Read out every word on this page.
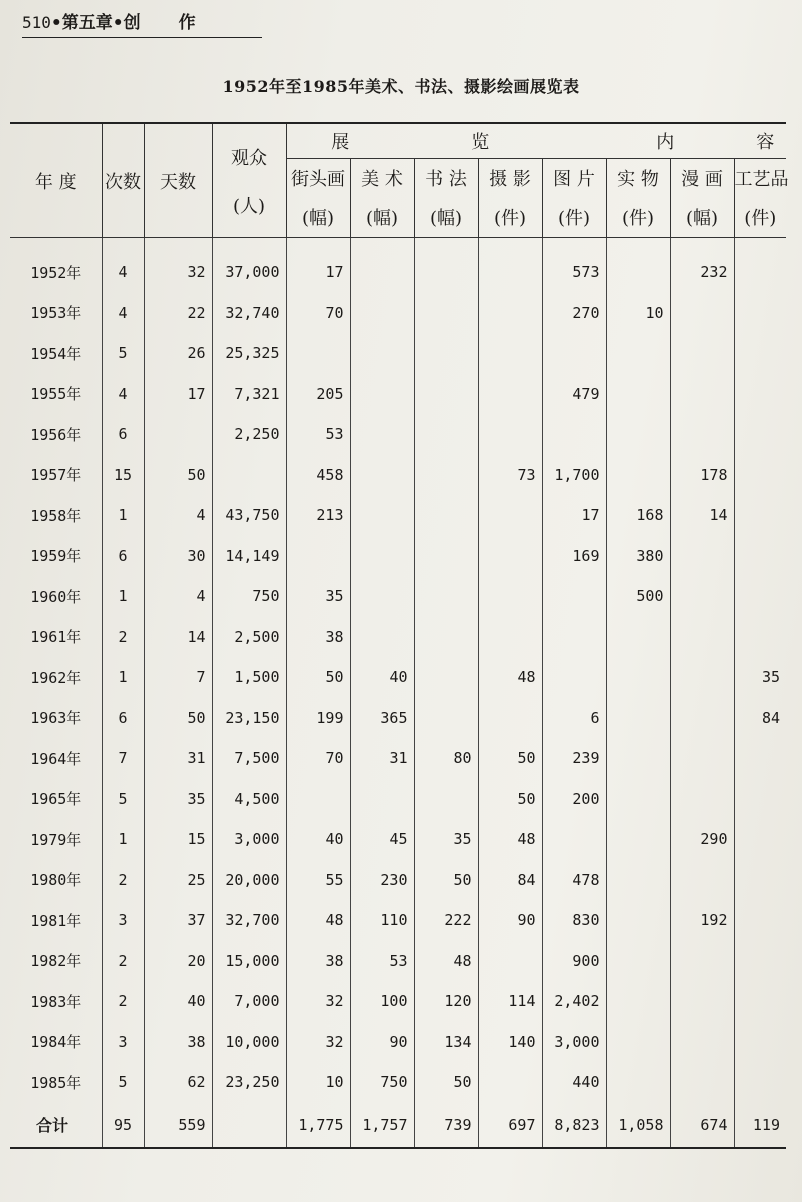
510•第五章•创 作
1952年至1985年美术、书法、摄影绘画展览表
年 度	次数	天数	观众
(人)	展 览 内 容							
				街头画	美 术	书 法	摄 影	图 片	实 物	漫 画	工艺品
				(幅)	(幅)	(幅)	(件)	(件)	(件)	(幅)	(件)

1952年	4	32	37,000	17				573		232	
1953年	4	22	32,740	70				270	10		
1954年	5	26	25,325								
1955年	4	17	7,321	205				479			
1956年	6		2,250	53							
1957年	15	50		458			73	1,700		178	
1958年	1	4	43,750	213				17	168	14	
1959年	6	30	14,149					169	380		
1960年	1	4	750	35					500		
1961年	2	14	2,500	38							
1962年	1	7	1,500	50	40		48				35
1963年	6	50	23,150	199	365			6			84
1964年	7	31	7,500	70	31	80	50	239			
1965年	5	35	4,500				50	200			
1979年	1	15	3,000	40	45	35	48			290	
1980年	2	25	20,000	55	230	50	84	478			
1981年	3	37	32,700	48	110	222	90	830		192	
1982年	2	20	15,000	38	53	48		900			
1983年	2	40	7,000	32	100	120	114	2,402			
1984年	3	38	10,000	32	90	134	140	3,000			
1985年	5	62	23,250	10	750	50		440			
合计	95	559		1,775	1,757	739	697	8,823	1,058	674	119
